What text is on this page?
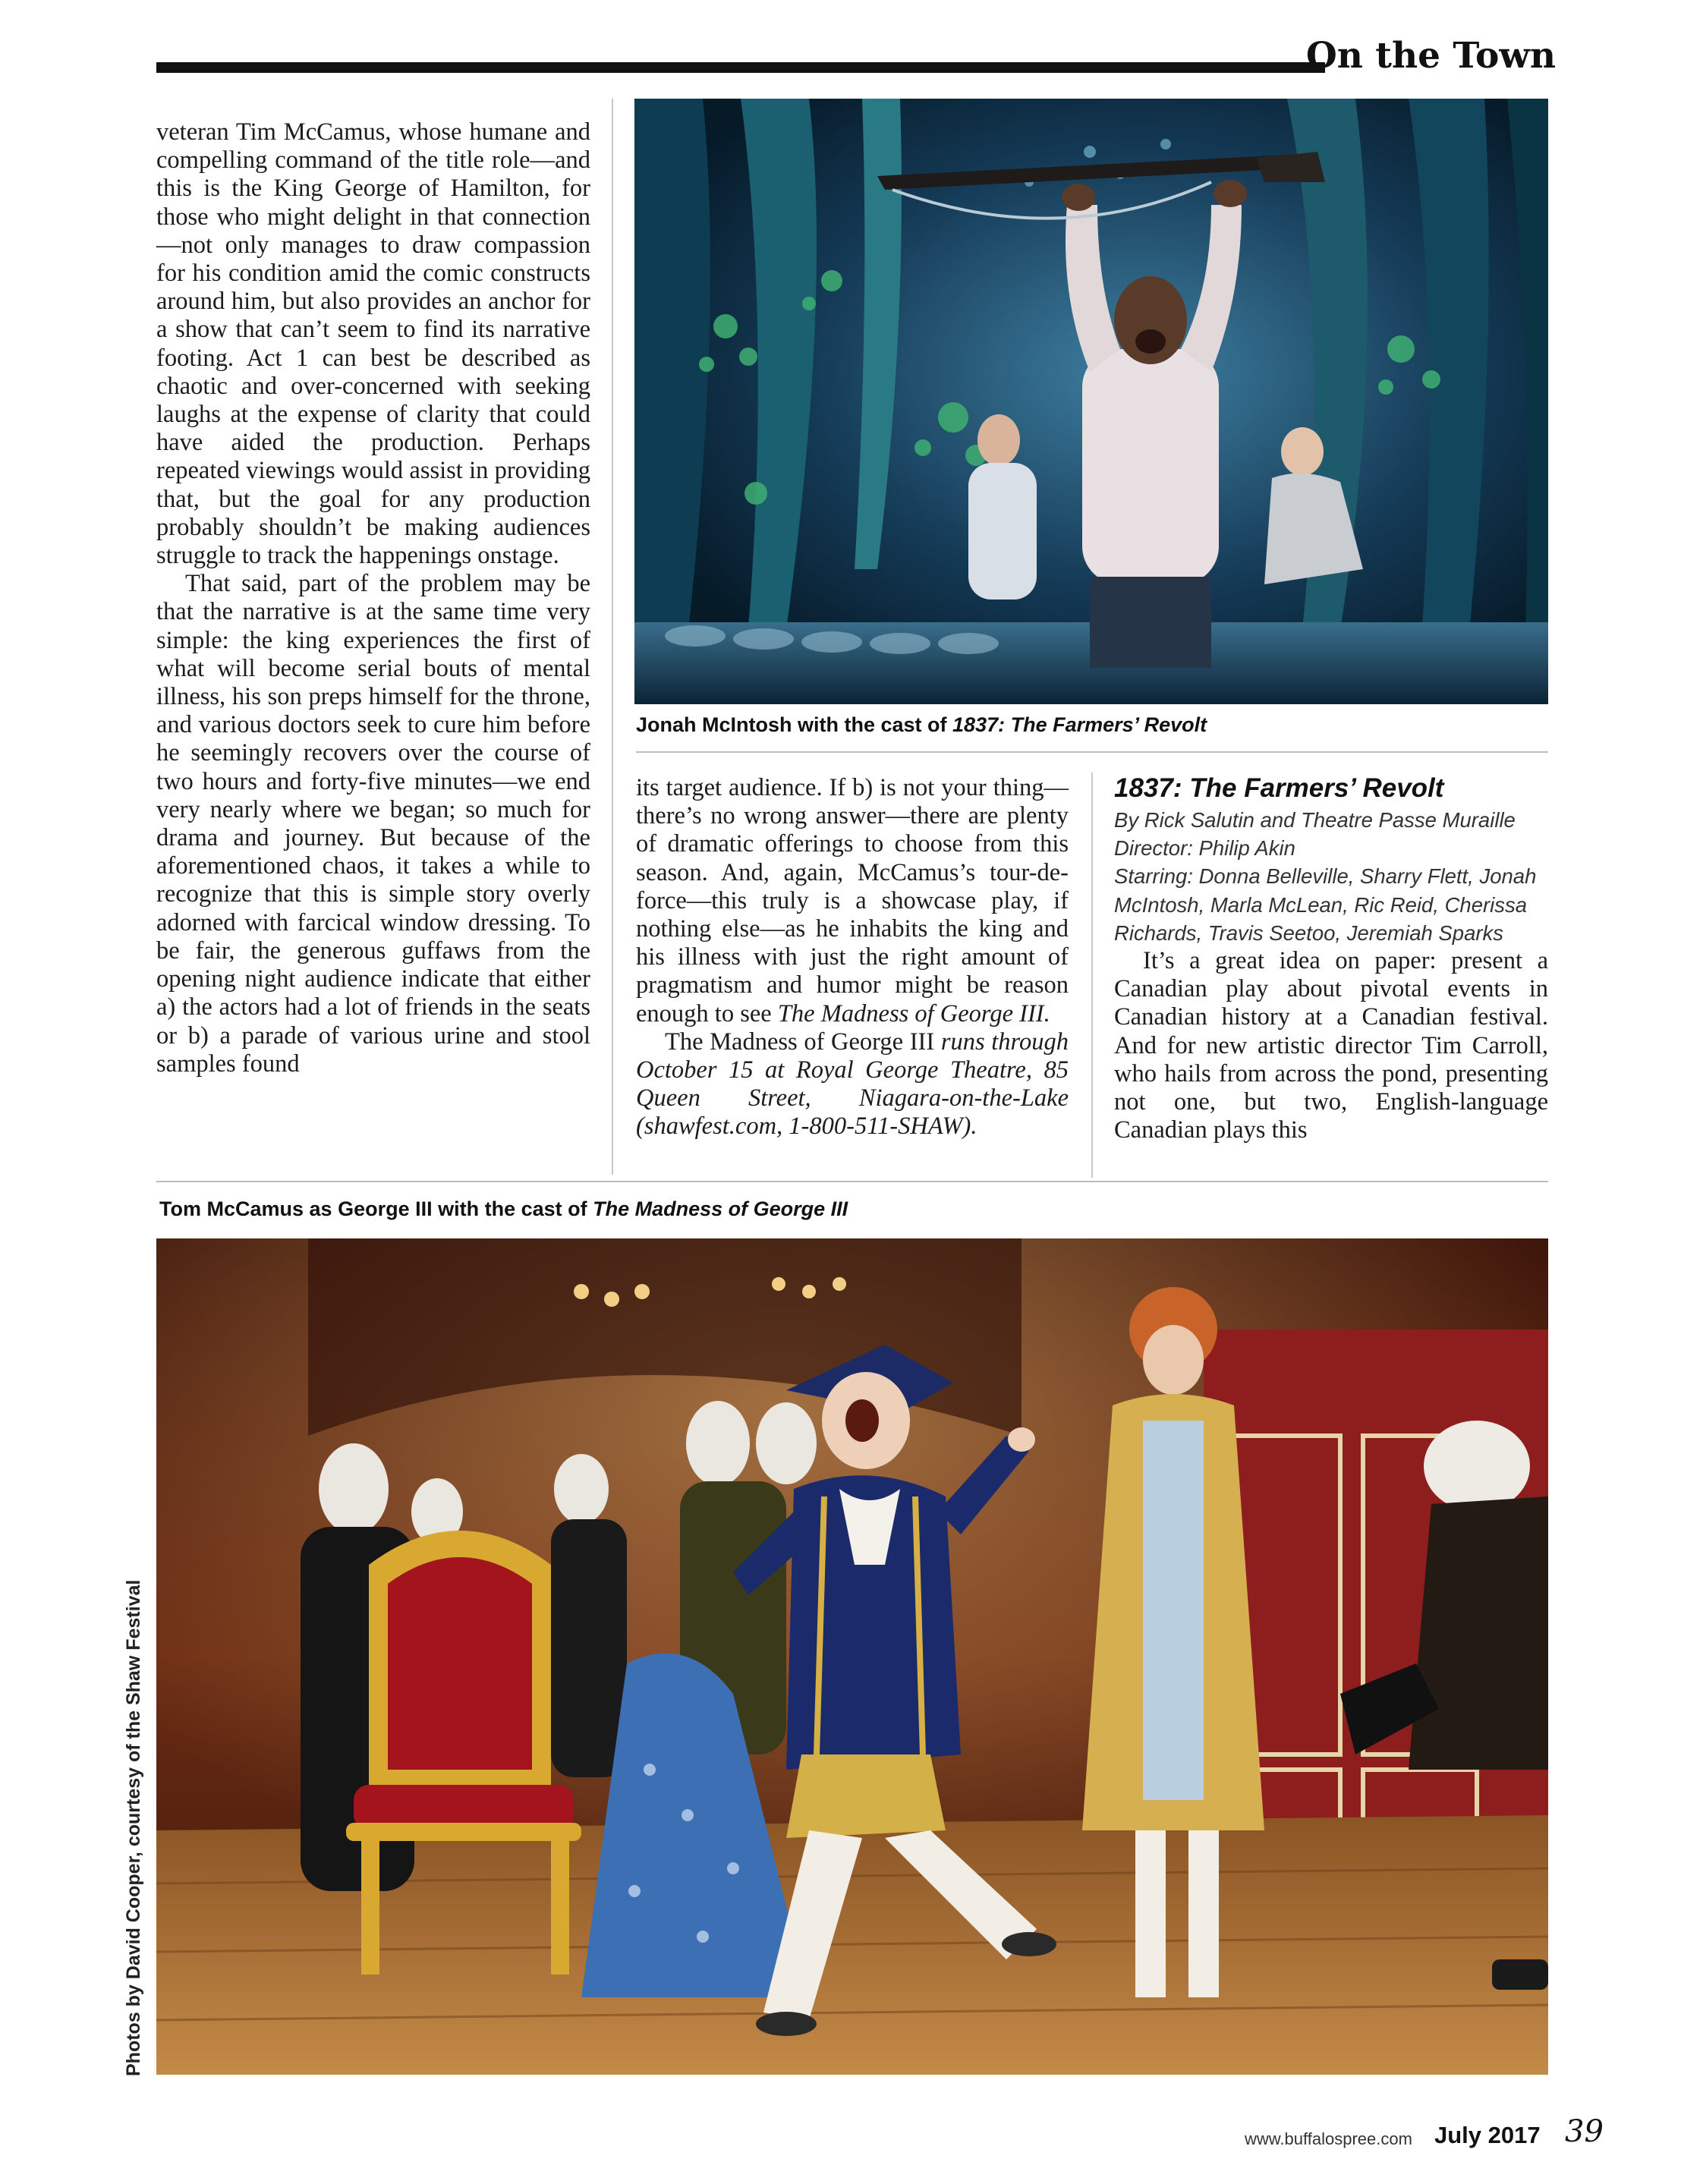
On the Town

veteran Tim McCamus, whose humane and compelling command of the title role—and this is the King George of Hamilton, for those who might delight in that connection—not only manages to draw compassion for his condition amid the comic constructs around him, but also provides an anchor for a show that can’t seem to find its narrative footing. Act 1 can best be described as chaotic and over-concerned with seeking laughs at the expense of clarity that could have aided the production. Perhaps repeated viewings would assist in providing that, but the goal for any production probably shouldn’t be making audiences struggle to track the happenings onstage.

That said, part of the problem may be that the narrative is at the same time very simple: the king experiences the first of what will become serial bouts of mental illness, his son preps himself for the throne, and various doctors seek to cure him before he seemingly recovers over the course of two hours and forty-five minutes—we end very nearly where we began; so much for drama and journey. But because of the aforementioned chaos, it takes a while to recognize that this is simple story overly adorned with farcical window dressing. To be fair, the generous guffaws from the opening night audience indicate that either a) the actors had a lot of friends in the seats or b) a parade of various urine and stool samples found

Jonah McIntosh with the cast of 1837: The Farmers’ Revolt

its target audience. If b) is not your thing—there’s no wrong answer—there are plenty of dramatic offerings to choose from this season. And, again, McCamus’s tour-de-force—this truly is a showcase play, if nothing else—as he inhabits the king and his illness with just the right amount of pragmatism and humor might be reason enough to see The Madness of George III.

The Madness of George III runs through October 15 at Royal George Theatre, 85 Queen Street, Niagara-on-the-Lake (shawfest.com, 1-800-511-SHAW).

1837: The Farmers’ Revolt
By Rick Salutin and Theatre Passe Muraille
Director: Philip Akin
Starring: Donna Belleville, Sharry Flett, Jonah McIntosh, Marla McLean, Ric Reid, Cherissa Richards, Travis Seetoo, Jeremiah Sparks

It’s a great idea on paper: present a Canadian play about pivotal events in Canadian history at a Canadian festival. And for new artistic director Tim Carroll, who hails from across the pond, presenting not one, but two, English-language Canadian plays this

Tom McCamus as George III with the cast of The Madness of George III
Photos by David Cooper, courtesy of the Shaw Festival
www.buffalospree.com July 2017 39
